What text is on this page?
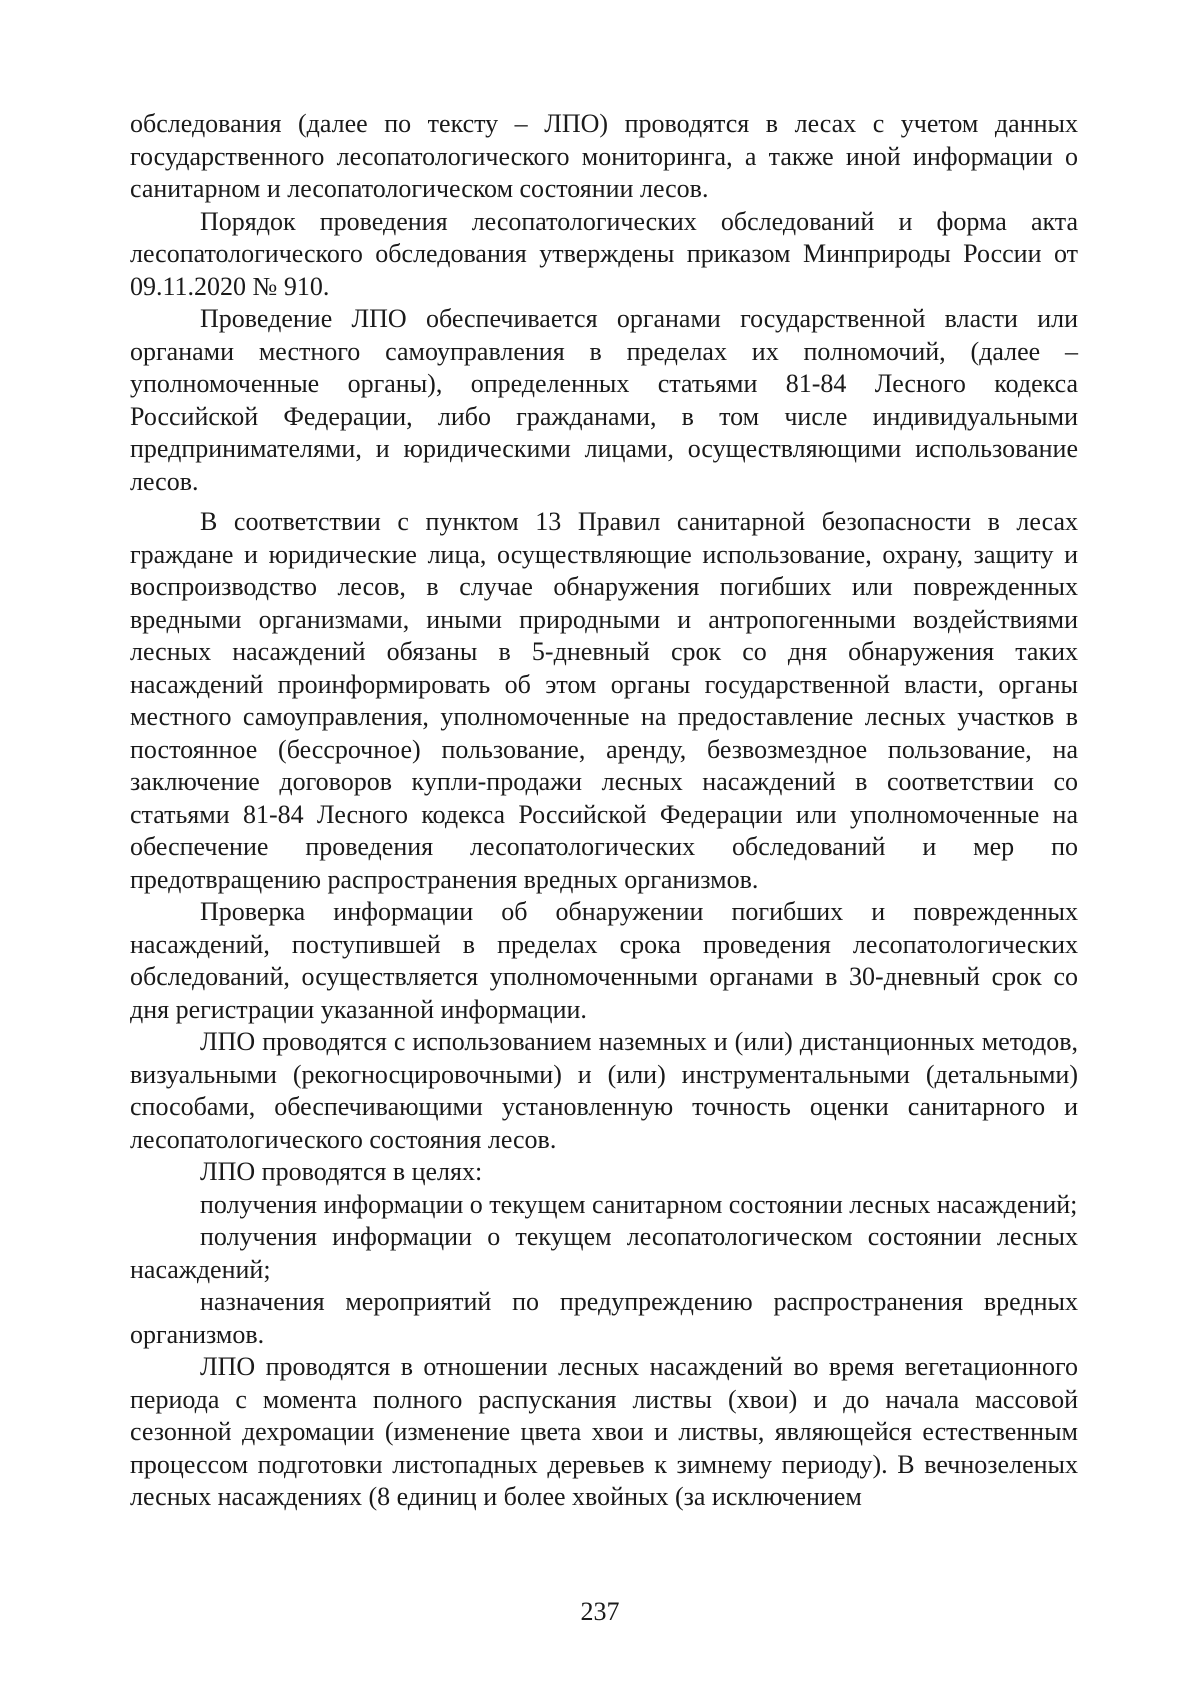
обследования (далее по тексту – ЛПО) проводятся в лесах с учетом данных государственного лесопатологического мониторинга, а также иной информации о санитарном и лесопатологическом состоянии лесов.

Порядок проведения лесопатологических обследований и форма акта лесопатологического обследования утверждены приказом Минприроды России от 09.11.2020 № 910.

Проведение ЛПО обеспечивается органами государственной власти или органами местного самоуправления в пределах их полномочий, (далее – уполномоченные органы), определенных статьями 81-84 Лесного кодекса Российской Федерации, либо гражданами, в том числе индивидуальными предпринимателями, и юридическими лицами, осуществляющими использование лесов.

В соответствии с пунктом 13 Правил санитарной безопасности в лесах граждане и юридические лица, осуществляющие использование, охрану, защиту и воспроизводство лесов, в случае обнаружения погибших или поврежденных вредными организмами, иными природными и антропогенными воздействиями лесных насаждений обязаны в 5-дневный срок со дня обнаружения таких насаждений проинформировать об этом органы государственной власти, органы местного самоуправления, уполномоченные на предоставление лесных участков в постоянное (бессрочное) пользование, аренду, безвозмездное пользование, на заключение договоров купли-продажи лесных насаждений в соответствии со статьями 81-84 Лесного кодекса Российской Федерации или уполномоченные на обеспечение проведения лесопатологических обследований и мер по предотвращению распространения вредных организмов.

Проверка информации об обнаружении погибших и поврежденных насаждений, поступившей в пределах срока проведения лесопатологических обследований, осуществляется уполномоченными органами в 30-дневный срок со дня регистрации указанной информации.

ЛПО проводятся с использованием наземных и (или) дистанционных методов, визуальными (рекогносцировочными) и (или) инструментальными (детальными) способами, обеспечивающими установленную точность оценки санитарного и лесопатологического состояния лесов.

ЛПО проводятся в целях:

получения информации о текущем санитарном состоянии лесных насаждений;

получения информации о текущем лесопатологическом состоянии лесных насаждений;

назначения мероприятий по предупреждению распространения вредных организмов.

ЛПО проводятся в отношении лесных насаждений во время вегетационного периода с момента полного распускания листвы (хвои) и до начала массовой сезонной дехромации (изменение цвета хвои и листвы, являющейся естественным процессом подготовки листопадных деревьев к зимнему периоду). В вечнозеленых лесных насаждениях (8 единиц и более хвойных (за исключением

237
